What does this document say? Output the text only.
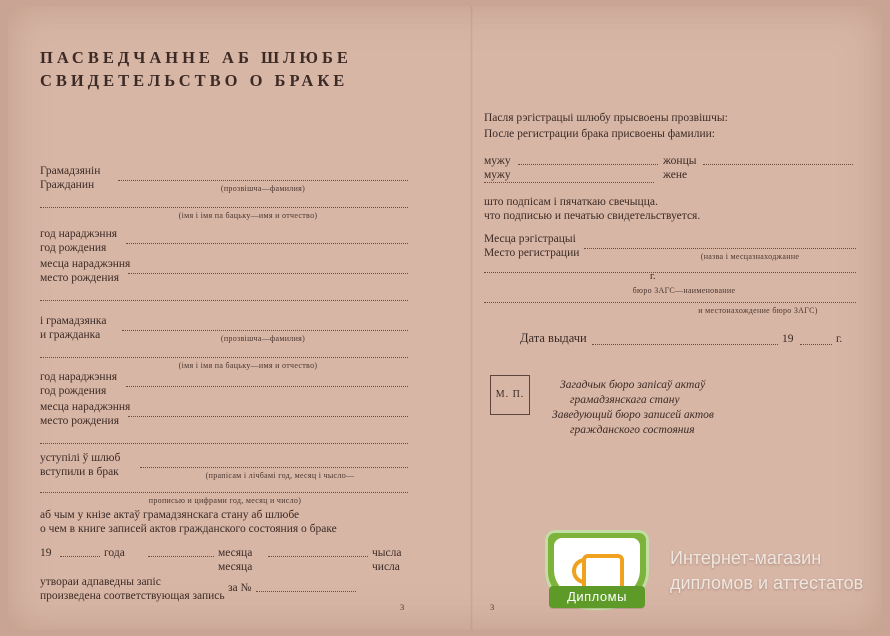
ПАСВЕДЧАННЕ АБ ШЛЮБЕ
СВИДЕТЕЛЬСТВО О БРАКЕ
Грамадзянін
Гражданин	(прозвішча—фамилия)
(імя і імя па бацьку—имя и отчество)
год нараджэння
год рождения
месца нараджэння
место рождения
і грамадзянка
и гражданка	(прозвішча—фамилия)
(імя і імя па бацьку—имя и отчество)
год нараджэння
год рождения
месца нараджэння
место рождения
уступілі ў шлюб
вступили в брак	(прапісам і лічбамі год, месяц і чысло—
прописью и цифрами год, месяц и число)
аб чым у кнізе актаў грамадзянскага стану аб шлюбе
о чем в книге записей актов гражданского состояния о браке
19	года	месяца
месяца
чысла
числа
утвораи адпаведны запіс
произведена соответствующая запись
за №
3
Пасля рэгістрацыі шлюбу прысвоены прозвішчы:
После регистрации брака присвоены фамилии:
мужу
мужу
жонцы
жене
што подпісам і пячаткаю свечыцца.
что подписью и печатью свидетельствуется.
Месца рэгістрацыі
Место регистрации	(назва і месцазнаходжанне
г.
бюро ЗАГС—наименование
и местонахождение бюро ЗАГС)
Дата выдачи	19	г.
М. П.
Загадчык бюро запісаў актаў
грамадзянскага стану
Заведующий бюро записей актов
гражданского состояния
3
Дипломы
Интернет-магазин
дипломов и аттестатов
